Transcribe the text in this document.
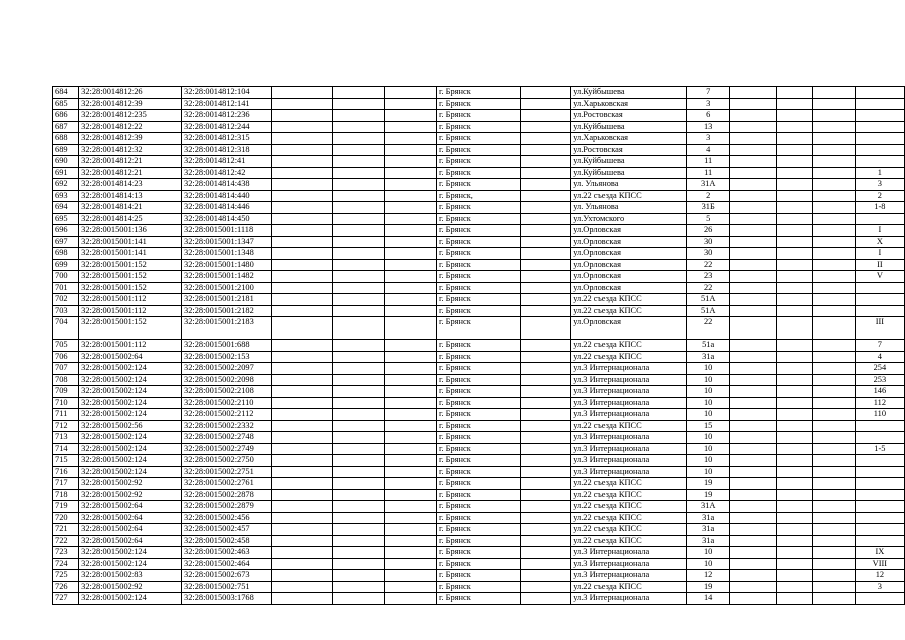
684	32:28:0014812:26	32:28:0014812:104				г. Брянск		ул.Куйбышева	7				
685	32:28:0014812:39	32:28:0014812:141				г. Брянск		ул.Харьковская	3				
686	32:28:0014812:235	32:28:0014812:236				г. Брянск		ул.Ростовская	6				
687	32:28:0014812:22	32:28:0014812:244				г. Брянск		ул.Куйбышева	13				
688	32:28:0014812:39	32:28:0014812:315				г. Брянск		ул.Харьковская	3				
689	32:28:0014812:32	32:28:0014812:318				г. Брянск		ул.Ростовская	4				
690	32:28:0014812:21	32:28:0014812:41				г. Брянск		ул.Куйбышева	11				
691	32:28:0014812:21	32:28:0014812:42				г. Брянск		ул.Куйбышева	11				1
692	32:28:0014814:23	32:28:0014814:438				г. Брянск		ул. Ульянова	31А				3
693	32:28:0014814:13	32:28:0014814:440				г. Брянск,		ул.22 съезда КПСС	2				2
694	32:28:0014814:21	32:28:0014814:446				г. Брянск		ул. Ульянова	31Б				1-8
695	32:28:0014814:25	32:28:0014814:450				г. Брянск		ул.Ухтомского	5				
696	32:28:0015001:136	32:28:0015001:1118				г. Брянск		ул.Орловская	26				I
697	32:28:0015001:141	32:28:0015001:1347				г. Брянск		ул.Орловская	30				X
698	32:28:0015001:141	32:28:0015001:1348				г. Брянск		ул.Орловская	30				I
699	32:28:0015001:152	32:28:0015001:1480				г. Брянск		ул.Орловская	22				II
700	32:28:0015001:152	32:28:0015001:1482				г. Брянск		ул.Орловская	23				V
701	32:28:0015001:152	32:28:0015001:2100				г. Брянск		ул.Орловская	22				
702	32:28:0015001:112	32:28:0015001:2181				г. Брянск		ул.22 съезда КПСС	51А				
703	32:28:0015001:112	32:28:0015001:2182				г. Брянск		ул.22 съезда КПСС	51А				
704	32:28:0015001:152	32:28:0015001:2183				г. Брянск		ул.Орловская	22				III
705	32:28:0015001:112	32:28:0015001:688				г. Брянск		ул.22 съезда КПСС	51а				7
706	32:28:0015002:64	32:28:0015002:153				г. Брянск		ул.22 съезда КПСС	31а				4
707	32:28:0015002:124	32:28:0015002:2097				г. Брянск		ул.3 Интернационала	10				254
708	32:28:0015002:124	32:28:0015002:2098				г. Брянск		ул.3 Интернационала	10				253
709	32:28:0015002:124	32:28:0015002:2108				г. Брянск		ул.3 Интернационала	10				146
710	32:28:0015002:124	32:28:0015002:2110				г. Брянск		ул.3 Интернационала	10				112
711	32:28:0015002:124	32:28:0015002:2112				г. Брянск		ул.3 Интернационала	10				110
712	32:28:0015002:56	32:28:0015002:2332				г. Брянск		ул.22 съезда КПСС	15				
713	32:28:0015002:124	32:28:0015002:2748				г. Брянск		ул.3 Интернационала	10				
714	32:28:0015002:124	32:28:0015002:2749				г. Брянск		ул.3 Интернационала	10				1-5
715	32:28:0015002:124	32:28:0015002:2750				г. Брянск		ул.3 Интернационала	10				
716	32:28:0015002:124	32:28:0015002:2751				г. Брянск		ул.3 Интернационала	10				
717	32:28:0015002:92	32:28:0015002:2761				г. Брянск		ул.22 съезда КПСС	19				
718	32:28:0015002:92	32:28:0015002:2878				г. Брянск		ул.22 съезда КПСС	19				
719	32:28:0015002:64	32:28:0015002:2879				г. Брянск		ул.22 съезда КПСС	31А				
720	32:28:0015002:64	32:28:0015002:456				г. Брянск		ул.22 съезда КПСС	31а				
721	32:28:0015002:64	32:28:0015002:457				г. Брянск		ул.22 съезда КПСС	31а				
722	32:28:0015002:64	32:28:0015002:458				г. Брянск		ул.22 съезда КПСС	31а				
723	32:28:0015002:124	32:28:0015002:463				г. Брянск		ул.3 Интернационала	10				IX
724	32:28:0015002:124	32:28:0015002:464				г. Брянск		ул.3 Интернационала	10				VIII
725	32:28:0015002:83	32:28:0015002:673				г. Брянск		ул.3 Интернационала	12				12
726	32:28:0015002:92	32:28:0015002:751				г. Брянск		ул.22 съезда КПСС	19				3
727	32:28:0015002:124	32:28:0015003:1768				г. Брянск		ул.3 Интернационала	14				
